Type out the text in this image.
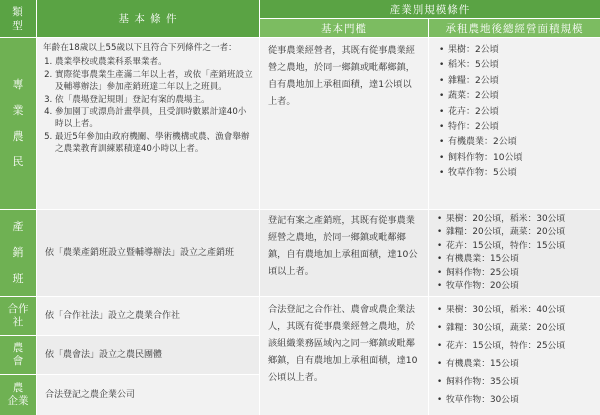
類型
基 本 條 件
產業別規模條件
基本門檻	承租農地後總經營面積規模
專
業
農
民
年齡在18歲以上55歲以下且符合下列條件之一者：
1. 農業學校或農業科系畢業者。
2. 實際從事農業生產滿二年以上者，或依「產銷班設立及輔導辦法」參加產銷班達二年以上之班員。
3. 依「農場登記規則」登記有案的農場主。
4. 參加園丁或漂鳥計畫學員，且受訓時數累計達40小時以上者。
5. 最近5年參加由政府機關、學術機構或農、漁會舉辦之農業教育訓練累積達40小時以上者。
從事農業經營者，其既有從事農業經營之農地，於同一鄉鎮或毗鄰鄉鎮，自有農地加上承租面積，達1公頃以上者。
• 果樹：2公頃
• 稻米：5公頃
• 雜糧：2公頃
• 蔬菜：2公頃
• 花卉：2公頃
• 特作：2公頃
• 有機農業：2公頃
• 飼料作物：10公頃
• 牧草作物：5公頃
產
銷
班
依「農業產銷班設立暨輔導辦法」設立之產銷班
登記有案之產銷班，其既有從事農業經營之農地，於同一鄉鎮或毗鄰鄉鎮，自有農地加上承租面積，達10公頃以上者。
• 果樹：20公頃，稻米：30公頃
• 雜糧：20公頃，蔬菜：20公頃
• 花卉：15公頃，特作：15公頃
• 有機農業：15公頃
• 飼料作物：25公頃
• 牧草作物：20公頃
合作
社
依「合作社法」設立之農業合作社
農
會
依「農會法」設立之農民團體
農
企業
合法登記之農企業公司
合法登記之合作社、農會或農企業法人，其既有從事農業經營之農地，於該組織業務區域內之同一鄉鎮或毗鄰鄉鎮，自有農地加上承租面積，達10公頃以上者。
• 果樹：30公頃，稻米：40公頃
• 雜糧：30公頃，蔬菜：20公頃
• 花卉：15公頃，特作：25公頃
• 有機農業：15公頃
• 飼料作物：35公頃
• 牧草作物：30公頃
